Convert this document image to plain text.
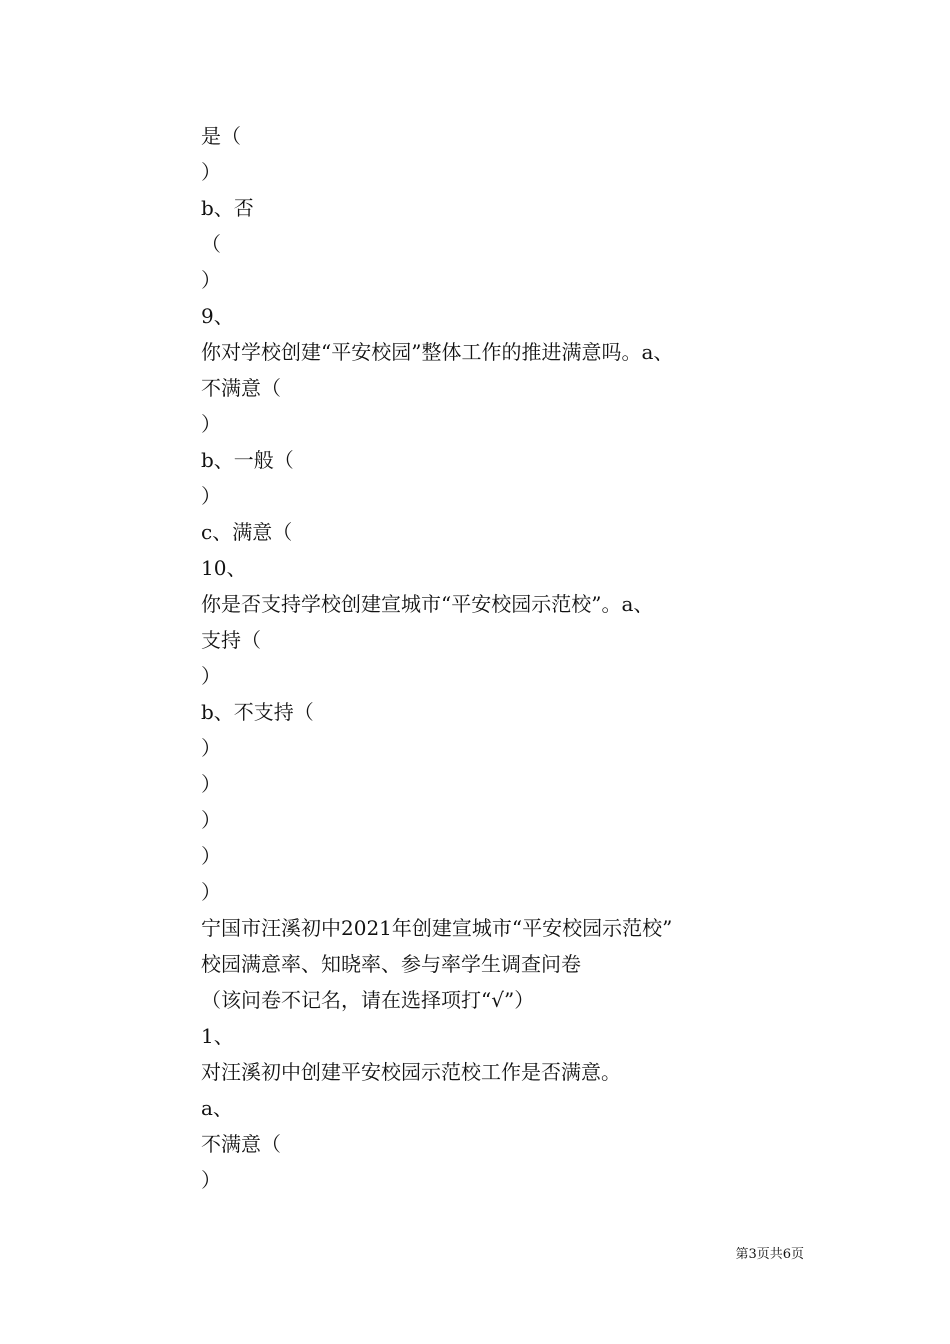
是（
）
b、否
（
）
9、
你对学校创建“平安校园”整体工作的推进满意吗。a、
不满意（
）
b、一般（
）
c、满意（
10、
你是否支持学校创建宣城市“平安校园示范校”。a、
支持（
）
b、不支持（
）
）
）
）
）
宁国市汪溪初中2021年创建宣城市“平安校园示范校”
校园满意率、知晓率、参与率学生调查问卷
（该问卷不记名，请在选择项打“√”）
1、
对汪溪初中创建平安校园示范校工作是否满意。
a、
不满意（
）
第3页共6页
